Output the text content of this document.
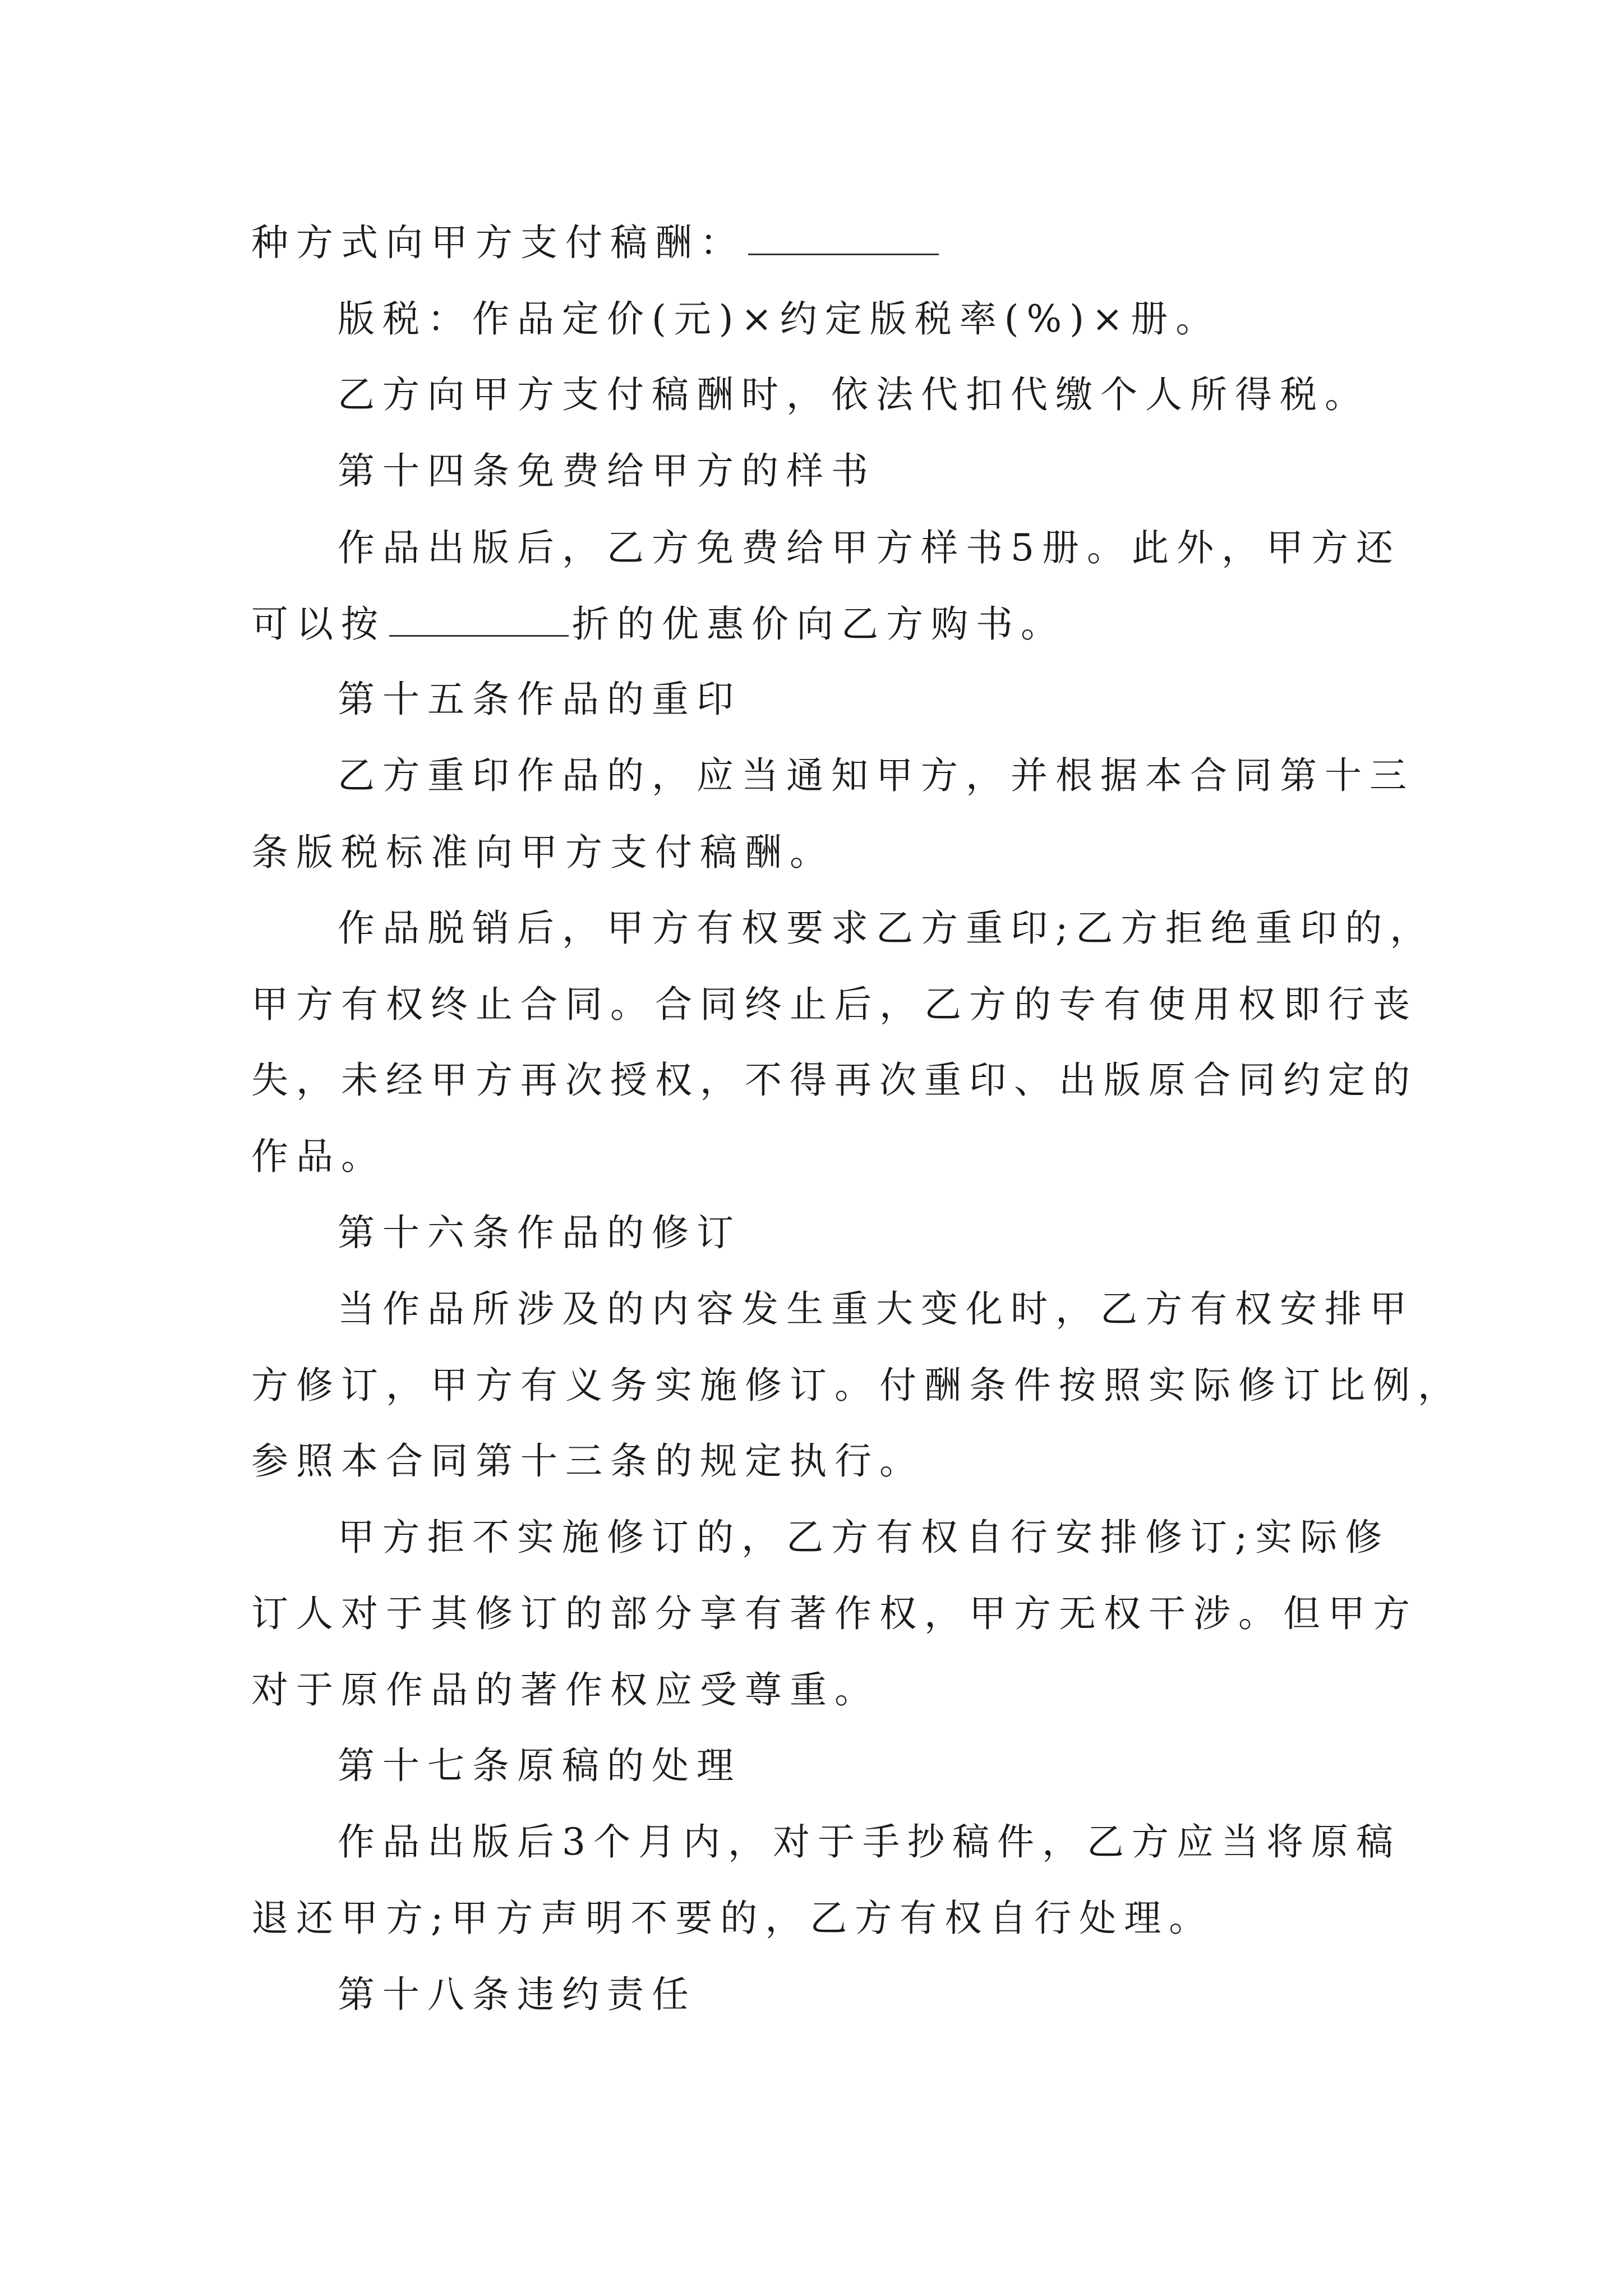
种方式向甲方支付稿酬：
版税：作品定价(元)×约定版税率(%)×册。
乙方向甲方支付稿酬时，依法代扣代缴个人所得税。
第十四条免费给甲方的样书
作品出版后，乙方免费给甲方样书5册。此外，甲方还
可以按	折的优惠价向乙方购书。
第十五条作品的重印
乙方重印作品的，应当通知甲方，并根据本合同第十三
条版税标准向甲方支付稿酬。
作品脱销后，甲方有权要求乙方重印;乙方拒绝重印的，
甲方有权终止合同。合同终止后，乙方的专有使用权即行丧
失，未经甲方再次授权，不得再次重印、出版原合同约定的
作品。
第十六条作品的修订
当作品所涉及的内容发生重大变化时，乙方有权安排甲
方修订，甲方有义务实施修订。付酬条件按照实际修订比例，
参照本合同第十三条的规定执行。
甲方拒不实施修订的，乙方有权自行安排修订;实际修
订人对于其修订的部分享有著作权，甲方无权干涉。但甲方
对于原作品的著作权应受尊重。
第十七条原稿的处理
作品出版后3个月内，对于手抄稿件，乙方应当将原稿
退还甲方;甲方声明不要的，乙方有权自行处理。
第十八条违约责任
